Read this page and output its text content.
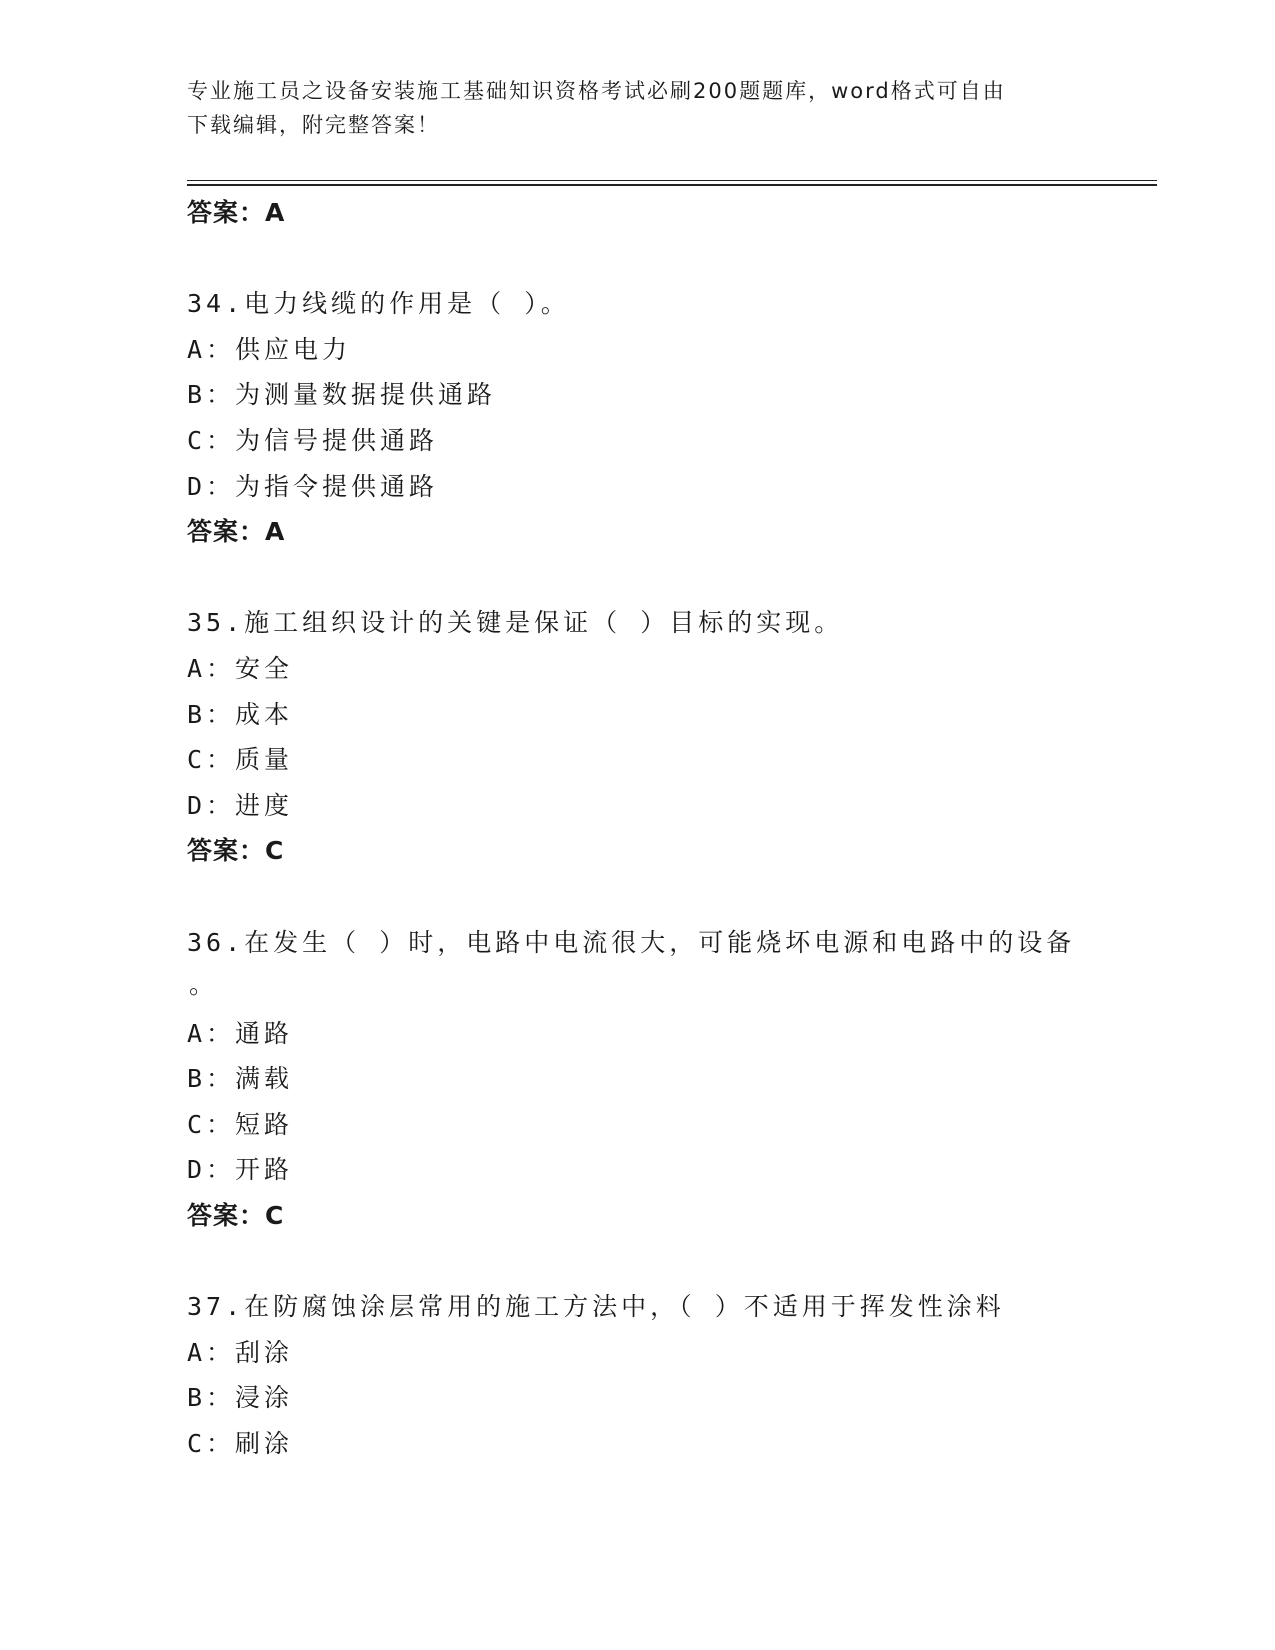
专业施工员之设备安装施工基础知识资格考试必刷200题题库，word格式可自由
下载编辑，附完整答案！
答案：A
34.电力线缆的作用是（ ）。
A：供应电力
B：为测量数据提供通路
C：为信号提供通路
D：为指令提供通路
答案：A
35.施工组织设计的关键是保证（ ）目标的实现。
A：安全
B：成本
C：质量
D：进度
答案：C
36.在发生（ ）时，电路中电流很大，可能烧坏电源和电路中的设备
。
A：通路
B：满载
C：短路
D：开路
答案：C
37.在防腐蚀涂层常用的施工方法中，（ ）不适用于挥发性涂料
A：刮涂
B：浸涂
C：刷涂
